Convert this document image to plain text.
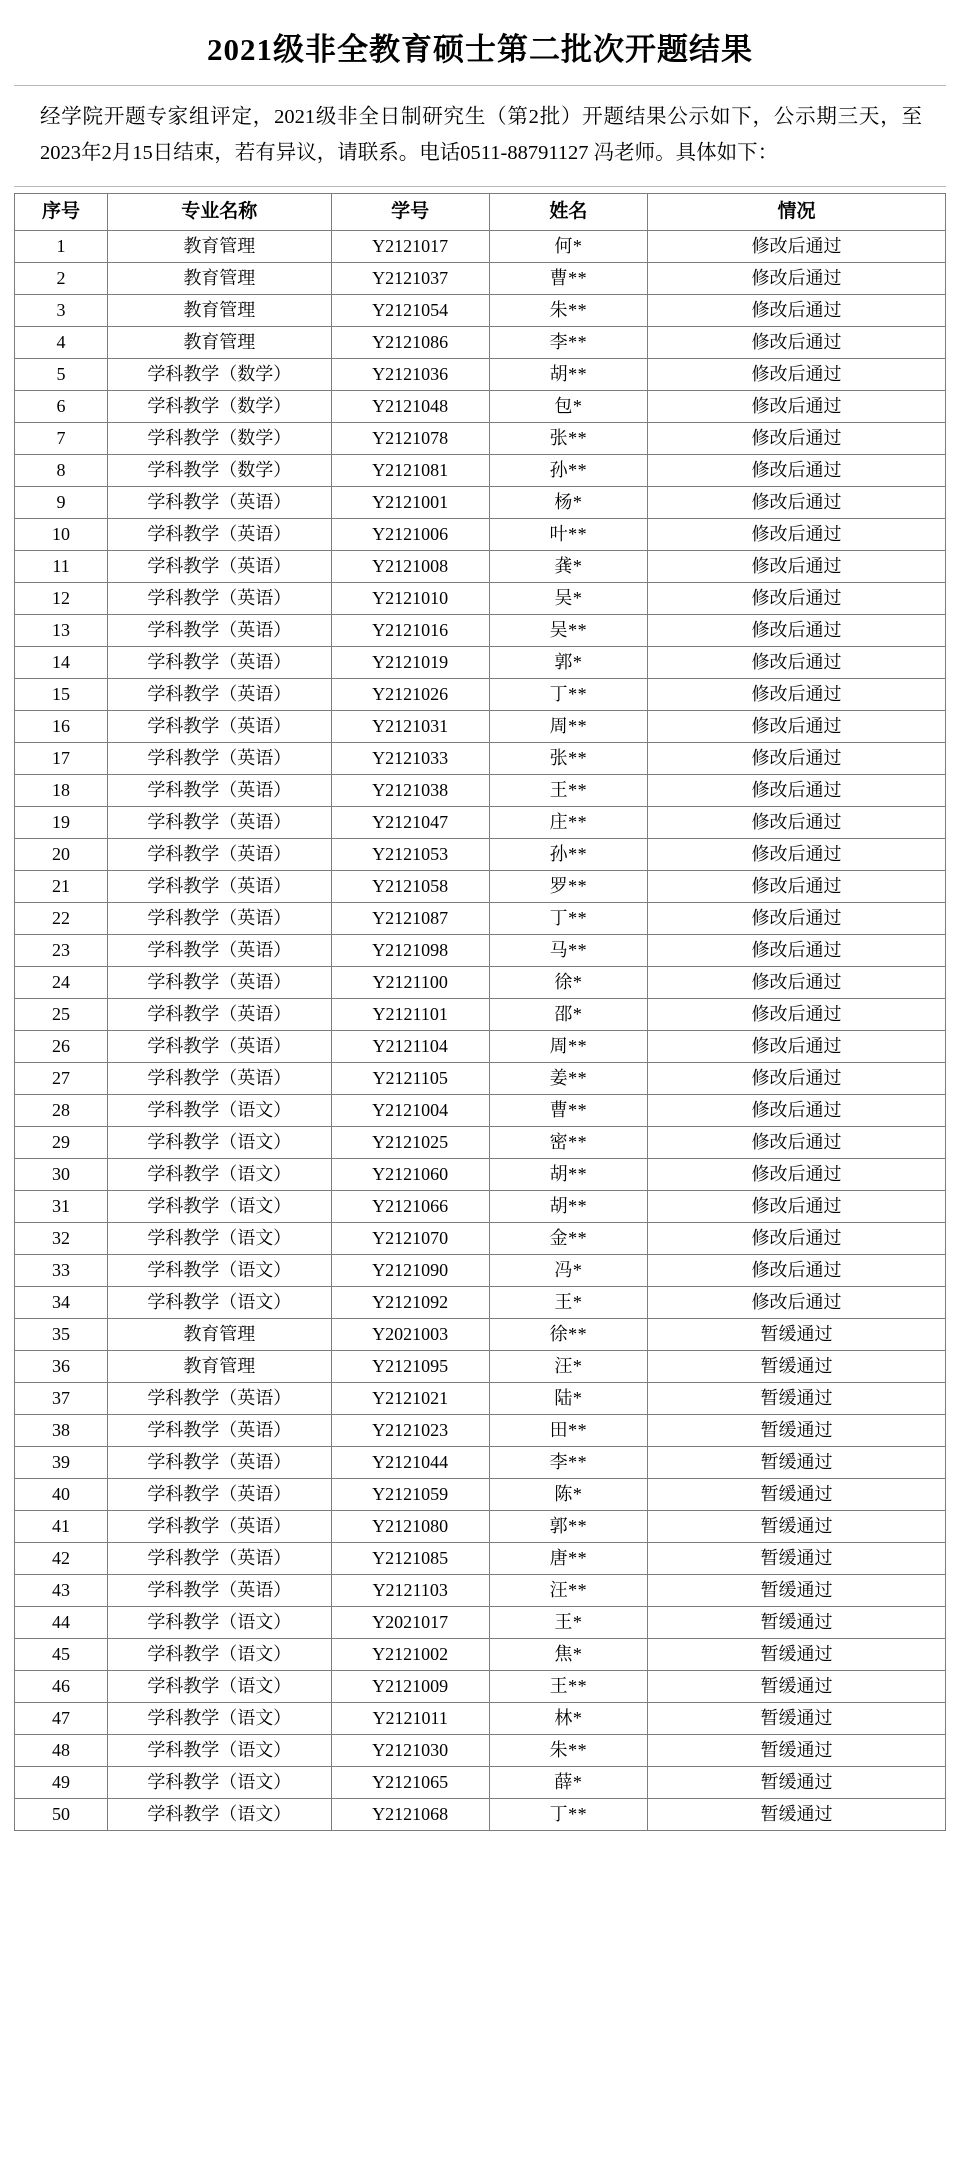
2021级非全教育硕士第二批次开题结果
经学院开题专家组评定，2021级非全日制研究生（第2批）开题结果公示如下，公示期三天，至2023年2月15日结束，若有异议，请联系。电话0511-88791127 冯老师。具体如下：
序号	专业名称	学号	姓名	情况
1	教育管理	Y2121017	何*	修改后通过
2	教育管理	Y2121037	曹**	修改后通过
3	教育管理	Y2121054	朱**	修改后通过
4	教育管理	Y2121086	李**	修改后通过
5	学科教学（数学）	Y2121036	胡**	修改后通过
6	学科教学（数学）	Y2121048	包*	修改后通过
7	学科教学（数学）	Y2121078	张**	修改后通过
8	学科教学（数学）	Y2121081	孙**	修改后通过
9	学科教学（英语）	Y2121001	杨*	修改后通过
10	学科教学（英语）	Y2121006	叶**	修改后通过
11	学科教学（英语）	Y2121008	龚*	修改后通过
12	学科教学（英语）	Y2121010	吴*	修改后通过
13	学科教学（英语）	Y2121016	吴**	修改后通过
14	学科教学（英语）	Y2121019	郭*	修改后通过
15	学科教学（英语）	Y2121026	丁**	修改后通过
16	学科教学（英语）	Y2121031	周**	修改后通过
17	学科教学（英语）	Y2121033	张**	修改后通过
18	学科教学（英语）	Y2121038	王**	修改后通过
19	学科教学（英语）	Y2121047	庄**	修改后通过
20	学科教学（英语）	Y2121053	孙**	修改后通过
21	学科教学（英语）	Y2121058	罗**	修改后通过
22	学科教学（英语）	Y2121087	丁**	修改后通过
23	学科教学（英语）	Y2121098	马**	修改后通过
24	学科教学（英语）	Y2121100	徐*	修改后通过
25	学科教学（英语）	Y2121101	邵*	修改后通过
26	学科教学（英语）	Y2121104	周**	修改后通过
27	学科教学（英语）	Y2121105	姜**	修改后通过
28	学科教学（语文）	Y2121004	曹**	修改后通过
29	学科教学（语文）	Y2121025	密**	修改后通过
30	学科教学（语文）	Y2121060	胡**	修改后通过
31	学科教学（语文）	Y2121066	胡**	修改后通过
32	学科教学（语文）	Y2121070	金**	修改后通过
33	学科教学（语文）	Y2121090	冯*	修改后通过
34	学科教学（语文）	Y2121092	王*	修改后通过
35	教育管理	Y2021003	徐**	暂缓通过
36	教育管理	Y2121095	汪*	暂缓通过
37	学科教学（英语）	Y2121021	陆*	暂缓通过
38	学科教学（英语）	Y2121023	田**	暂缓通过
39	学科教学（英语）	Y2121044	李**	暂缓通过
40	学科教学（英语）	Y2121059	陈*	暂缓通过
41	学科教学（英语）	Y2121080	郭**	暂缓通过
42	学科教学（英语）	Y2121085	唐**	暂缓通过
43	学科教学（英语）	Y2121103	汪**	暂缓通过
44	学科教学（语文）	Y2021017	王*	暂缓通过
45	学科教学（语文）	Y2121002	焦*	暂缓通过
46	学科教学（语文）	Y2121009	王**	暂缓通过
47	学科教学（语文）	Y2121011	林*	暂缓通过
48	学科教学（语文）	Y2121030	朱**	暂缓通过
49	学科教学（语文）	Y2121065	薛*	暂缓通过
50	学科教学（语文）	Y2121068	丁**	暂缓通过
